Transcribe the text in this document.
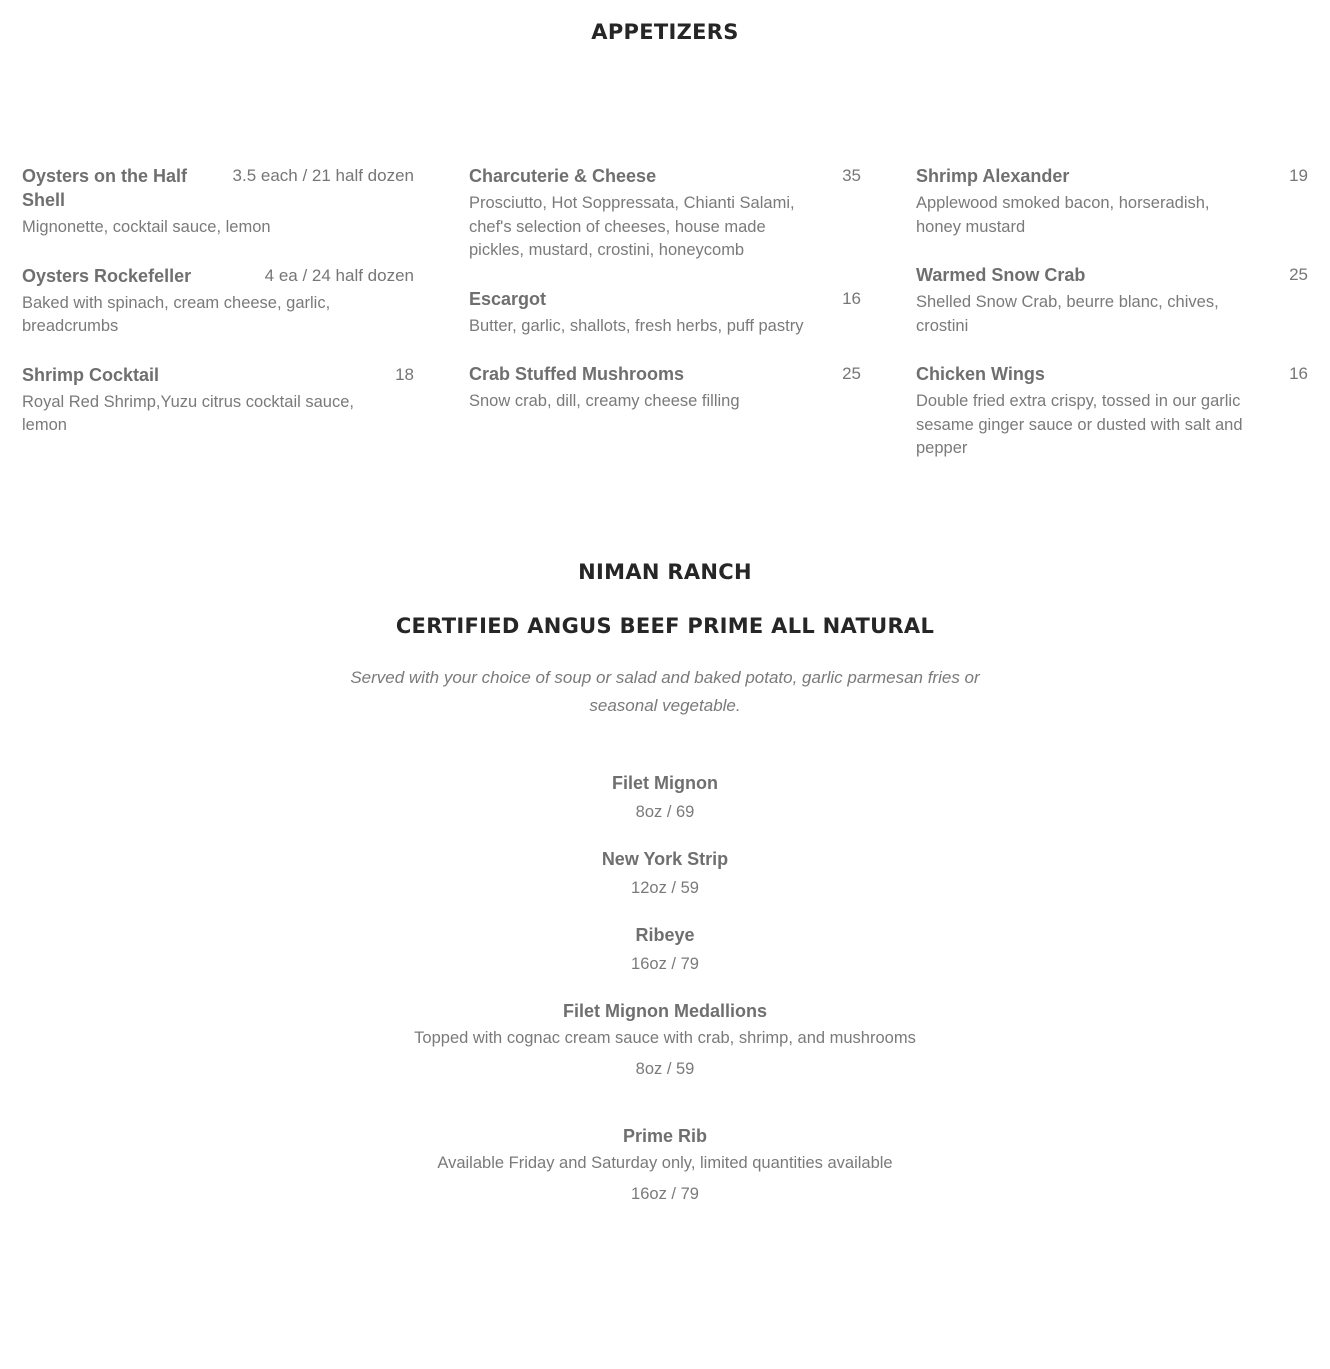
APPETIZERS
Oysters on the Half Shell
3.5 each / 21 half dozen
Mignonette, cocktail sauce, lemon
Oysters Rockefeller	4 ea / 24 half dozen
Baked with spinach, cream cheese, garlic, breadcrumbs
Shrimp Cocktail	18
Royal Red Shrimp,Yuzu citrus cocktail sauce, lemon
Charcuterie & Cheese	35
Prosciutto, Hot Soppressata, Chianti Salami, chef's selection of cheeses, house made pickles, mustard, crostini, honeycomb
Escargot	16
Butter, garlic, shallots, fresh herbs, puff pastry
Crab Stuffed Mushrooms	25
Snow crab, dill, creamy cheese filling
Shrimp Alexander	19
Applewood smoked bacon, horseradish, honey mustard
Warmed Snow Crab	25
Shelled Snow Crab, beurre blanc, chives, crostini
Chicken Wings	16
Double fried extra crispy, tossed in our garlic sesame ginger sauce or dusted with salt and pepper
NIMAN RANCH
CERTIFIED ANGUS BEEF PRIME ALL NATURAL
Served with your choice of soup or salad and baked potato, garlic parmesan fries or seasonal vegetable.
Filet Mignon
8oz / 69
New York Strip
12oz / 59
Ribeye
16oz / 79
Filet Mignon Medallions
Topped with cognac cream sauce with crab, shrimp, and mushrooms
8oz / 59
Prime Rib
Available Friday and Saturday only, limited quantities available
16oz / 79
